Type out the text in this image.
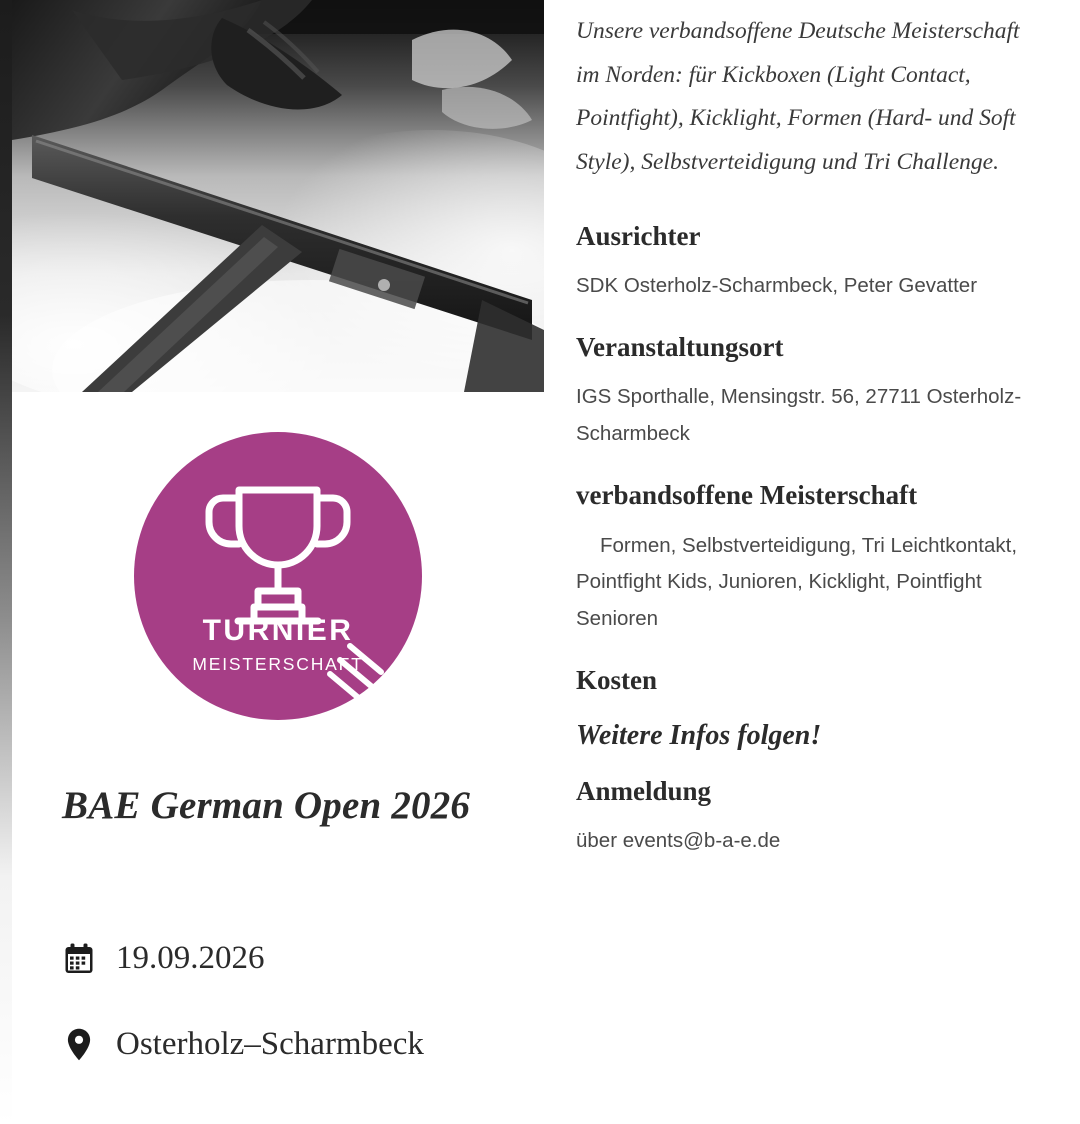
TURNIER
MEISTERSCHAFT
BAE German Open 2026
19.09.2026
Osterholz–Scharmbeck

Unsere verbandsoffene Deutsche Meisterschaft im Norden: für Kickboxen (Light Contact, Pointfight), Kicklight, Formen (Hard- und Soft Style), Selbstverteidigung und Tri Challenge.

Ausrichter

SDK Osterholz-Scharmbeck, Peter Gevatter

Veranstaltungsort

IGS Sporthalle, Mensingstr. 56, 27711 Osterholz-Scharmbeck

verbandsoffene Meisterschaft

Formen, Selbstverteidigung, Tri Leichtkontakt, Pointfight Kids, Junioren, Kicklight, Pointfight Senioren

Kosten
Weitere Infos folgen!
Anmeldung

über events@b-a-e.de
